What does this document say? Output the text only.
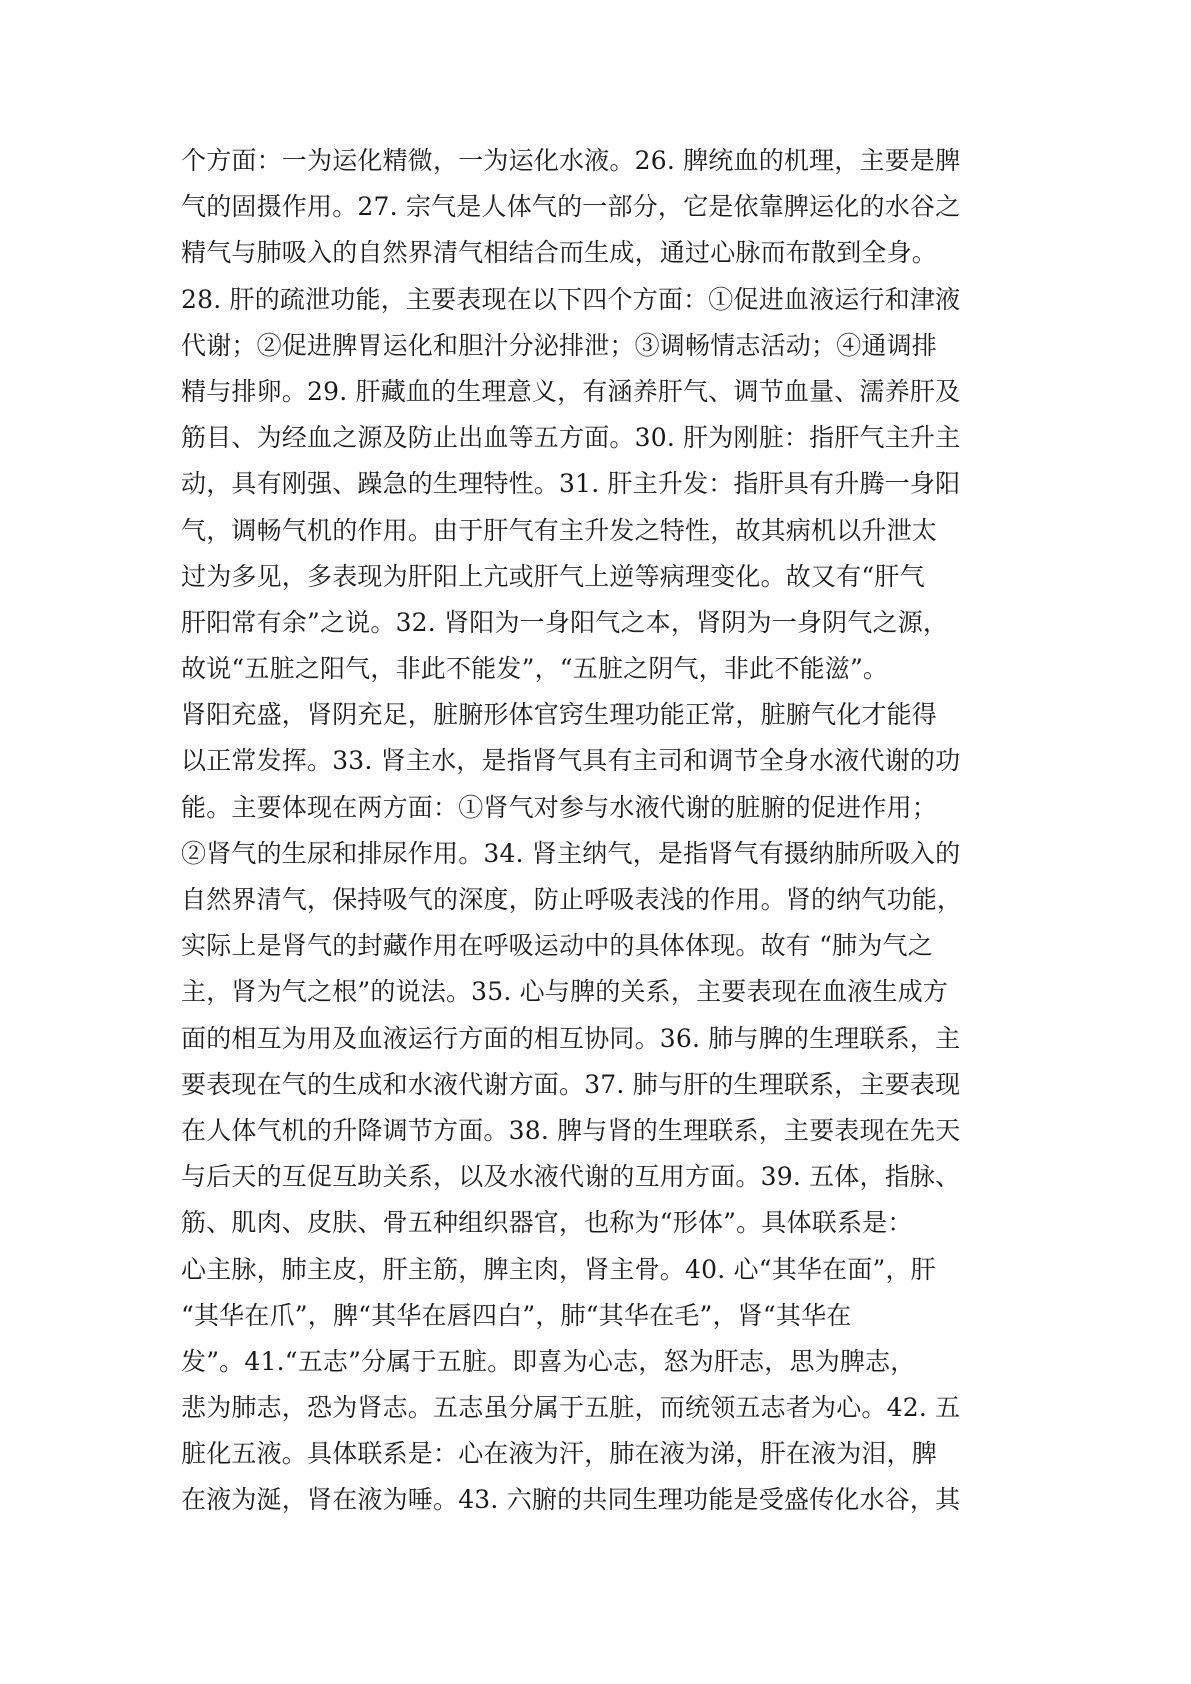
个方面：一为运化精微，一为运化水液。26. 脾统血的机理，主要是脾
气的固摄作用。27. 宗气是人体气的一部分，它是依靠脾运化的水谷之
精气与肺吸入的自然界清气相结合而生成，通过心脉而布散到全身。
28. 肝的疏泄功能，主要表现在以下四个方面：①促进血液运行和津液
代谢；②促进脾胃运化和胆汁分泌排泄；③调畅情志活动；④通调排
精与排卵。29. 肝藏血的生理意义，有涵养肝气、调节血量、濡养肝及
筋目、为经血之源及防止出血等五方面。30. 肝为刚脏：指肝气主升主
动，具有刚强、躁急的生理特性。31. 肝主升发：指肝具有升腾一身阳
气，调畅气机的作用。由于肝气有主升发之特性，故其病机以升泄太
过为多见，多表现为肝阳上亢或肝气上逆等病理变化。故又有“肝气
肝阳常有余”之说。32. 肾阳为一身阳气之本，肾阴为一身阴气之源，
故说“五脏之阳气，非此不能发”，“五脏之阴气，非此不能滋”。
肾阳充盛，肾阴充足，脏腑形体官窍生理功能正常，脏腑气化才能得
以正常发挥。33. 肾主水，是指肾气具有主司和调节全身水液代谢的功
能。主要体现在两方面：①肾气对参与水液代谢的脏腑的促进作用；
②肾气的生尿和排尿作用。34. 肾主纳气，是指肾气有摄纳肺所吸入的
自然界清气，保持吸气的深度，防止呼吸表浅的作用。肾的纳气功能，
实际上是肾气的封藏作用在呼吸运动中的具体体现。故有 “肺为气之
主，肾为气之根”的说法。35. 心与脾的关系，主要表现在血液生成方
面的相互为用及血液运行方面的相互协同。36. 肺与脾的生理联系，主
要表现在气的生成和水液代谢方面。37. 肺与肝的生理联系，主要表现
在人体气机的升降调节方面。38. 脾与肾的生理联系，主要表现在先天
与后天的互促互助关系，以及水液代谢的互用方面。39. 五体，指脉、
筋、肌肉、皮肤、骨五种组织器官，也称为“形体”。具体联系是：
心主脉，肺主皮，肝主筋，脾主肉，肾主骨。40. 心“其华在面”，肝
“其华在爪”，脾“其华在唇四白”，肺“其华在毛”，肾“其华在
发”。41.“五志”分属于五脏。即喜为心志，怒为肝志，思为脾志，
悲为肺志，恐为肾志。五志虽分属于五脏，而统领五志者为心。42. 五
脏化五液。具体联系是：心在液为汗，肺在液为涕，肝在液为泪，脾
在液为涎，肾在液为唾。43. 六腑的共同生理功能是受盛传化水谷，其
